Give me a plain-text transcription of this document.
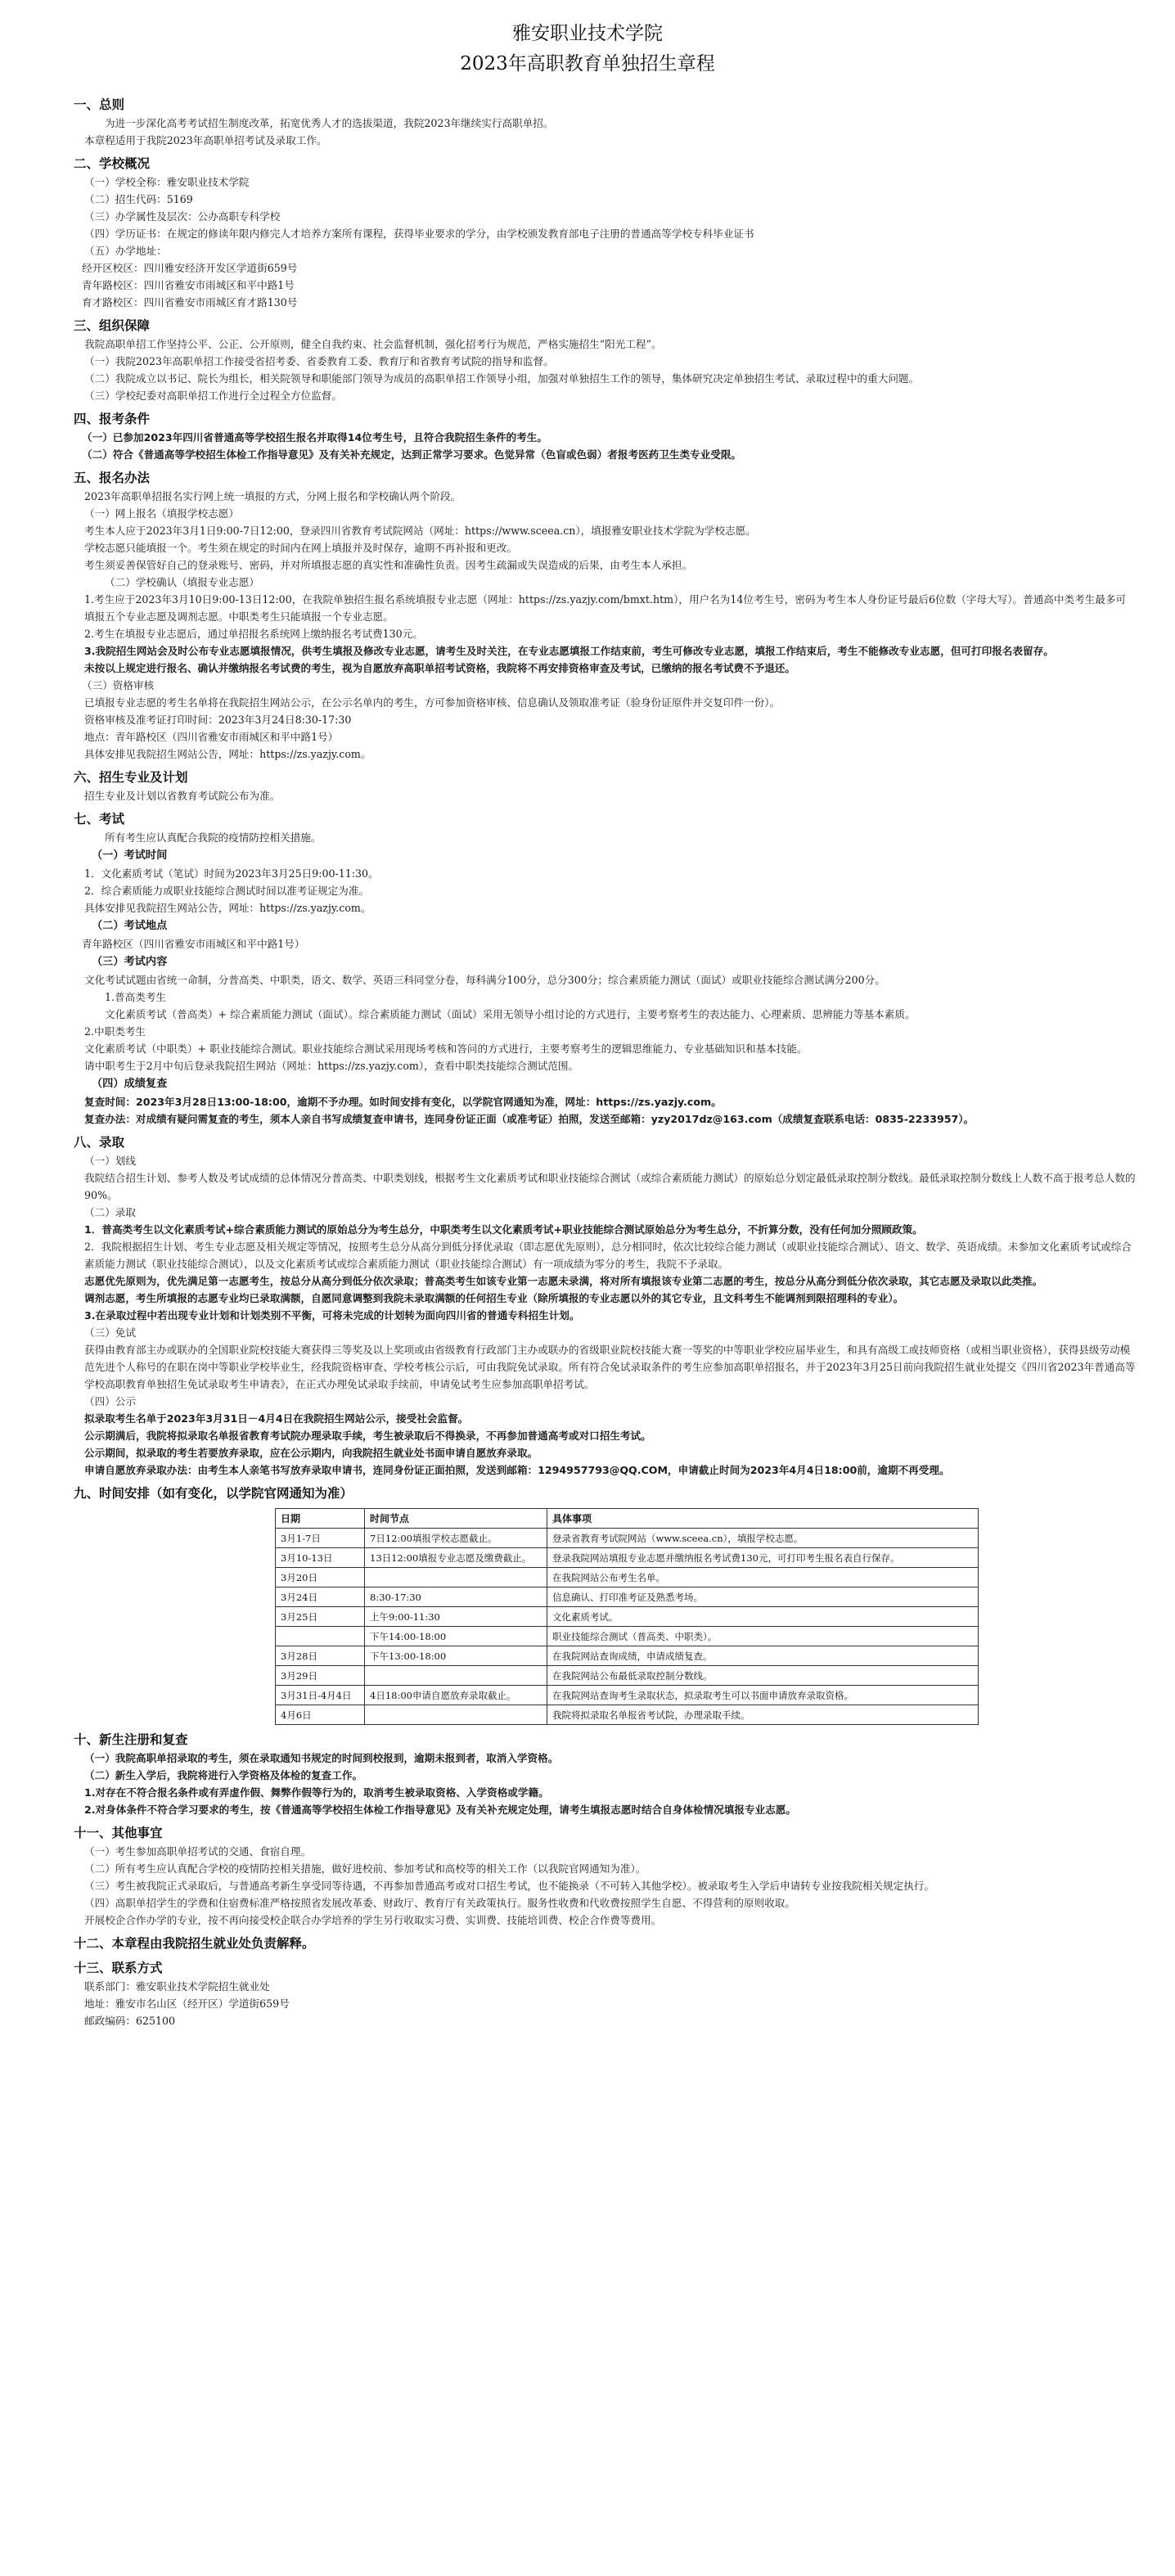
雅安职业技术学院
2023年高职教育单独招生章程
一、总则
为进一步深化高考考试招生制度改革，拓宽优秀人才的选拔渠道，我院2023年继续实行高职单招。
本章程适用于我院2023年高职单招考试及录取工作。
二、学校概况
（一）学校全称：雅安职业技术学院
（二）招生代码：5169
（三）办学属性及层次：公办高职专科学校
（四）学历证书：在规定的修读年限内修完人才培养方案所有课程，获得毕业要求的学分，由学校颁发教育部电子注册的普通高等学校专科毕业证书
（五）办学地址：
经开区校区：四川雅安经济开发区学道街659号
青年路校区：四川省雅安市雨城区和平中路1号
育才路校区：四川省雅安市雨城区育才路130号
三、组织保障
我院高职单招工作坚持公平、公正、公开原则，健全自我约束、社会监督机制，强化招考行为规范，严格实施招生“阳光工程”。
（一）我院2023年高职单招工作接受省招考委、省委教育工委、教育厅和省教育考试院的指导和监督。
（二）我院成立以书记、院长为组长，相关院领导和职能部门领导为成员的高职单招工作领导小组，加强对单独招生工作的领导，集体研究决定单独招生考试、录取过程中的重大问题。
（三）学校纪委对高职单招工作进行全过程全方位监督。
四、报考条件
（一）已参加2023年四川省普通高等学校招生报名并取得14位考生号，且符合我院招生条件的考生。
（二）符合《普通高等学校招生体检工作指导意见》及有关补充规定，达到正常学习要求。色觉异常（色盲或色弱）者报考医药卫生类专业受限。
五、报名办法
2023年高职单招报名实行网上统一填报的方式，分网上报名和学校确认两个阶段。
（一）网上报名（填报学校志愿）
考生本人应于2023年3月1日9:00-7日12:00，登录四川省教育考试院网站（网址：https://www.sceea.cn），填报雅安职业技术学院为学校志愿。
学校志愿只能填报一个。考生须在规定的时间内在网上填报并及时保存，逾期不再补报和更改。
考生须妥善保管好自己的登录账号、密码，并对所填报志愿的真实性和准确性负责。因考生疏漏或失误造成的后果，由考生本人承担。
（二）学校确认（填报专业志愿）
1.考生应于2023年3月10日9:00-13日12:00，在我院单独招生报名系统填报专业志愿（网址：https://zs.yazjy.com/bmxt.htm），用户名为14位考生号，密码为考生本人身份证号最后6位数（字母大写）。普通高中类考生最多可填报五个专业志愿及调剂志愿。中职类考生只能填报一个专业志愿。
2.考生在填报专业志愿后，通过单招报名系统网上缴纳报名考试费130元。
3.我院招生网站会及时公布专业志愿填报情况，供考生填报及修改专业志愿，请考生及时关注，在专业志愿填报工作结束前，考生可修改专业志愿，填报工作结束后，考生不能修改专业志愿，但可打印报名表留存。
未按以上规定进行报名、确认并缴纳报名考试费的考生，视为自愿放弃高职单招考试资格，我院将不再安排资格审查及考试，已缴纳的报名考试费不予退还。
（三）资格审核
已填报专业志愿的考生名单将在我院招生网站公示，在公示名单内的考生，方可参加资格审核、信息确认及领取准考证（验身份证原件并交复印件一份）。
资格审核及准考证打印时间：2023年3月24日8:30-17:30
地点：青年路校区（四川省雅安市雨城区和平中路1号）
具体安排见我院招生网站公告，网址：https://zs.yazjy.com。
六、招生专业及计划
招生专业及计划以省教育考试院公布为准。
七、考试
所有考生应认真配合我院的疫情防控相关措施。
（一）考试时间
1．文化素质考试（笔试）时间为2023年3月25日9:00-11:30。
2．综合素质能力或职业技能综合测试时间以准考证规定为准。
具体安排见我院招生网站公告，网址：https://zs.yazjy.com。
（二）考试地点
青年路校区（四川省雅安市雨城区和平中路1号）
（三）考试内容
文化考试试题由省统一命制，分普高类、中职类，语文、数学、英语三科同堂分卷，每科满分100分，总分300分；综合素质能力测试（面试）或职业技能综合测试满分200分。
1.普高类考生
文化素质考试（普高类）+ 综合素质能力测试（面试）。综合素质能力测试（面试）采用无领导小组讨论的方式进行，主要考察考生的表达能力、心理素质、思辨能力等基本素质。
2.中职类考生
文化素质考试（中职类）+ 职业技能综合测试。职业技能综合测试采用现场考核和答问的方式进行，主要考察考生的逻辑思维能力、专业基础知识和基本技能。
请中职考生于2月中旬后登录我院招生网站（网址：https://zs.yazjy.com），查看中职类技能综合测试范围。
（四）成绩复查
复查时间：2023年3月28日13:00-18:00，逾期不予办理。如时间安排有变化，以学院官网通知为准，网址：https://zs.yazjy.com。
复查办法：对成绩有疑问需复查的考生，须本人亲自书写成绩复查申请书，连同身份证正面（或准考证）拍照，发送至邮箱：yzy2017dz@163.com（成绩复查联系电话：0835-2233957）。
八、录取
（一）划线
我院结合招生计划、参考人数及考试成绩的总体情况分普高类、中职类划线，根据考生文化素质考试和职业技能综合测试（或综合素质能力测试）的原始总分划定最低录取控制分数线。最低录取控制分数线上人数不高于报考总人数的90%。
（二）录取
1．普高类考生以文化素质考试+综合素质能力测试的原始总分为考生总分，中职类考生以文化素质考试+职业技能综合测试原始总分为考生总分，不折算分数，没有任何加分照顾政策。
2．我院根据招生计划、考生专业志愿及相关规定等情况，按照考生总分从高分到低分择优录取（即志愿优先原则），总分相同时，依次比较综合能力测试（或职业技能综合测试）、语文、数学、英语成绩。未参加文化素质考试或综合素质能力测试（职业技能综合测试），以及文化素质考试或综合素质能力测试（职业技能综合测试）有一项成绩为零分的考生，我院不予录取。
志愿优先原则为，优先满足第一志愿考生，按总分从高分到低分依次录取；普高类考生如该专业第一志愿未录满，将对所有填报该专业第二志愿的考生，按总分从高分到低分依次录取，其它志愿及录取以此类推。
调剂志愿，考生所填报的志愿专业均已录取满额，自愿同意调整到我院未录取满额的任何招生专业（除所填报的专业志愿以外的其它专业，且文科考生不能调剂到限招理科的专业）。
3.在录取过程中若出现专业计划和计划类别不平衡，可将未完成的计划转为面向四川省的普通专科招生计划。
（三）免试
获得由教育部主办或联办的全国职业院校技能大赛获得三等奖及以上奖项或由省级教育行政部门主办或联办的省级职业院校技能大赛一等奖的中等职业学校应届毕业生，和具有高级工或技师资格（或相当职业资格），获得县级劳动模范先进个人称号的在职在岗中等职业学校毕业生，经我院资格审查、学校考核公示后，可由我院免试录取。所有符合免试录取条件的考生应参加高职单招报名，并于2023年3月25日前向我院招生就业处提交《四川省2023年普通高等学校高职教育单独招生免试录取考生申请表》，在正式办理免试录取手续前，申请免试考生应参加高职单招考试。
（四）公示
拟录取考生名单于2023年3月31日－4月4日在我院招生网站公示，接受社会监督。
公示期满后，我院将拟录取名单报省教育考试院办理录取手续，考生被录取后不得换录，不再参加普通高考或对口招生考试。
公示期间，拟录取的考生若要放弃录取，应在公示期内，向我院招生就业处书面申请自愿放弃录取。
申请自愿放弃录取办法：由考生本人亲笔书写放弃录取申请书，连同身份证正面拍照，发送到邮箱：1294957793@QQ.COM，申请截止时间为2023年4月4日18:00前，逾期不再受理。
九、时间安排（如有变化，以学院官网通知为准）
日期	时间节点	具体事项
3月1-7日	7日12:00填报学校志愿截止。	登录省教育考试院网站（www.sceea.cn），填报学校志愿。
3月10-13日	13日12:00填报专业志愿及缴费截止。	登录我院网站填报专业志愿并缴纳报名考试费130元，可打印考生报名表自行保存。
3月20日		在我院网站公布考生名单。
3月24日	8:30-17:30	信息确认、打印准考证及熟悉考场。
3月25日	上午9:00-11:30	文化素质考试。
	下午14:00-18:00	职业技能综合测试（普高类、中职类）。
3月28日	下午13:00-18:00	在我院网站查询成绩，申请成绩复查。
3月29日		在我院网站公布最低录取控制分数线。
3月31日-4月4日	4日18:00申请自愿放弃录取截止。	在我院网站查询考生录取状态，拟录取考生可以书面申请放弃录取资格。
4月6日		我院将拟录取名单报省考试院，办理录取手续。
十、新生注册和复查
（一）我院高职单招录取的考生，须在录取通知书规定的时间到校报到，逾期未报到者，取消入学资格。
（二）新生入学后，我院将进行入学资格及体检的复查工作。
1.对存在不符合报名条件或有弄虚作假、舞弊作假等行为的，取消考生被录取资格、入学资格或学籍。
2.对身体条件不符合学习要求的考生，按《普通高等学校招生体检工作指导意见》及有关补充规定处理，请考生填报志愿时结合自身体检情况填报专业志愿。
十一、其他事宜
（一）考生参加高职单招考试的交通、食宿自理。
（二）所有考生应认真配合学校的疫情防控相关措施，做好进校前、参加考试和高校等的相关工作（以我院官网通知为准）。
（三）考生被我院正式录取后，与普通高考新生享受同等待遇，不再参加普通高考或对口招生考试，也不能换录（不可转入其他学校）。被录取考生入学后申请转专业按我院相关规定执行。
（四）高职单招学生的学费和住宿费标准严格按照省发展改革委、财政厅、教育厅有关政策执行。服务性收费和代收费按照学生自愿、不得营利的原则收取。
开展校企合作办学的专业，按不再向接受校企联合办学培养的学生另行收取实习费、实训费、技能培训费、校企合作费等费用。
十二、本章程由我院招生就业处负责解释。
十三、联系方式
联系部门：雅安职业技术学院招生就业处
地址：雅安市名山区（经开区）学道街659号
邮政编码：625100
